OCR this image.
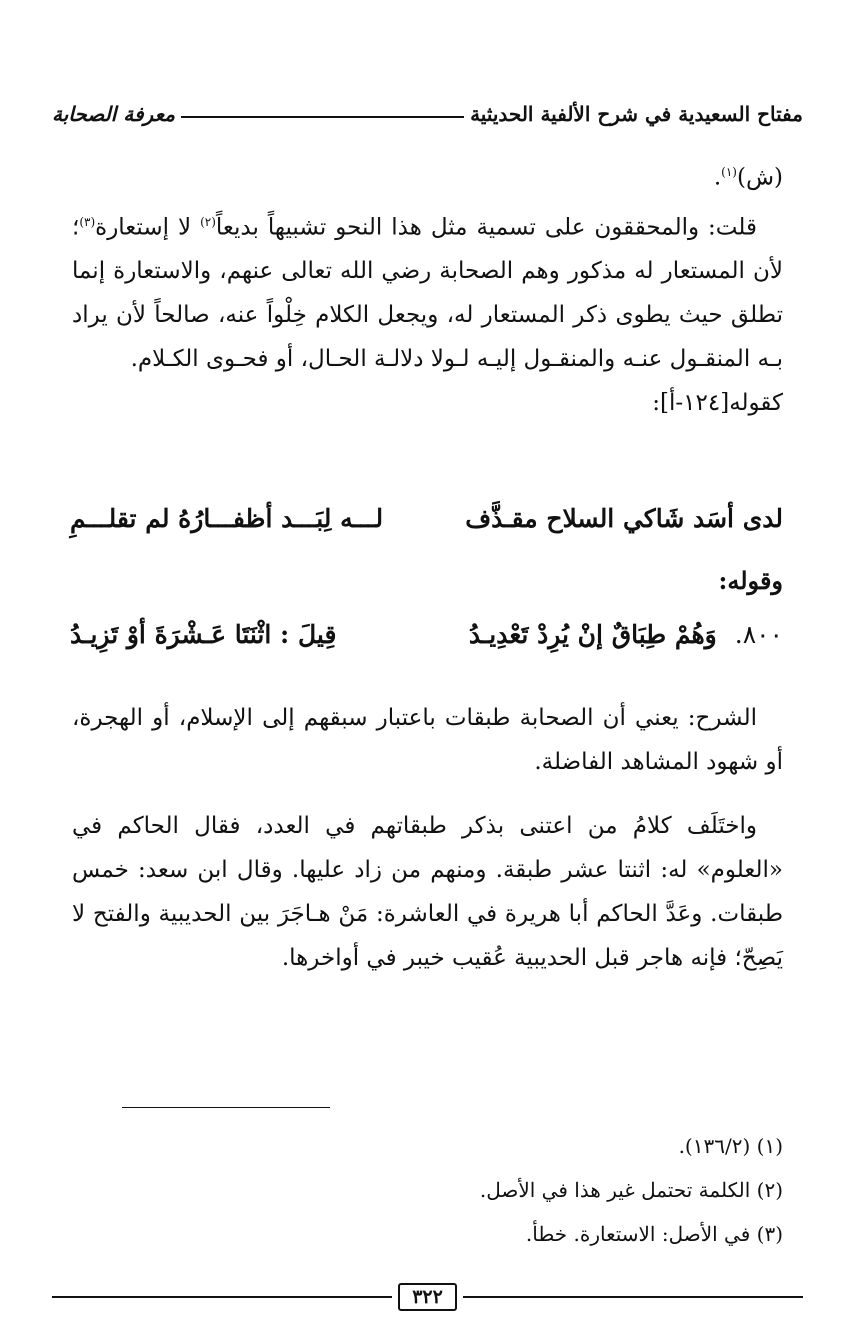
مفتاح السعيدية في شرح الألفية الحديثية
معرفة الصحابة

(ش)$^{(١)}$.

قلت: والمحققون على تسمية مثل هذا النحو تشبيهاً بديعاً$^{(٢)}$ لا إستعارة$^{(٣)}$؛ لأن المستعار له مذكور وهم الصحابة رضي الله تعالى عنهم، والاستعارة إنما تطلق حيث يطوى ذكر المستعار له، ويجعل الكلام خِلْواً عنه، صالحاً لأن يراد بـه المنقـول عنـه والمنقـول إليـه لـولا دلالـة الحـال، أو فحـوى الكـلام.

كقوله[١٢٤-أ]:

لدى أسَد شَاكي السلاح مقـذَّف
لـــه لِبَـــد أظفـــارُهُ لم تقلـــمِ
وقوله:
٨٠٠.
وَهُمْ طِبَاقٌ إنْ يُرِدْ تَعْدِيـدُ
قِيلَ : اثْنَتَا عَـشْرَةَ أوْ تَزِيـدُ

الشرح: يعني أن الصحابة طبقات باعتبار سبقهم إلى الإسلام، أو الهجرة، أو شهود المشاهد الفاضلة.

واختَلَف كلامُ من اعتنى بذكر طبقاتهم في العدد، فقال الحاكم في «العلوم» له: اثنتا عشر طبقة. ومنهم من زاد عليها. وقال ابن سعد: خمس طبقات. وعَدَّ الحاكم أبا هريرة في العاشرة: مَنْ هـاجَرَ بين الحديبية والفتح لا يَصِحّ؛ فإنه هاجر قبل الحديبية عُقيب خيبر في أواخرها.

(١) (١٣٦/٢).
(٢) الكلمة تحتمل غير هذا في الأصل.
(٣) في الأصل: الاستعارة. خطأ.
٣٢٢
